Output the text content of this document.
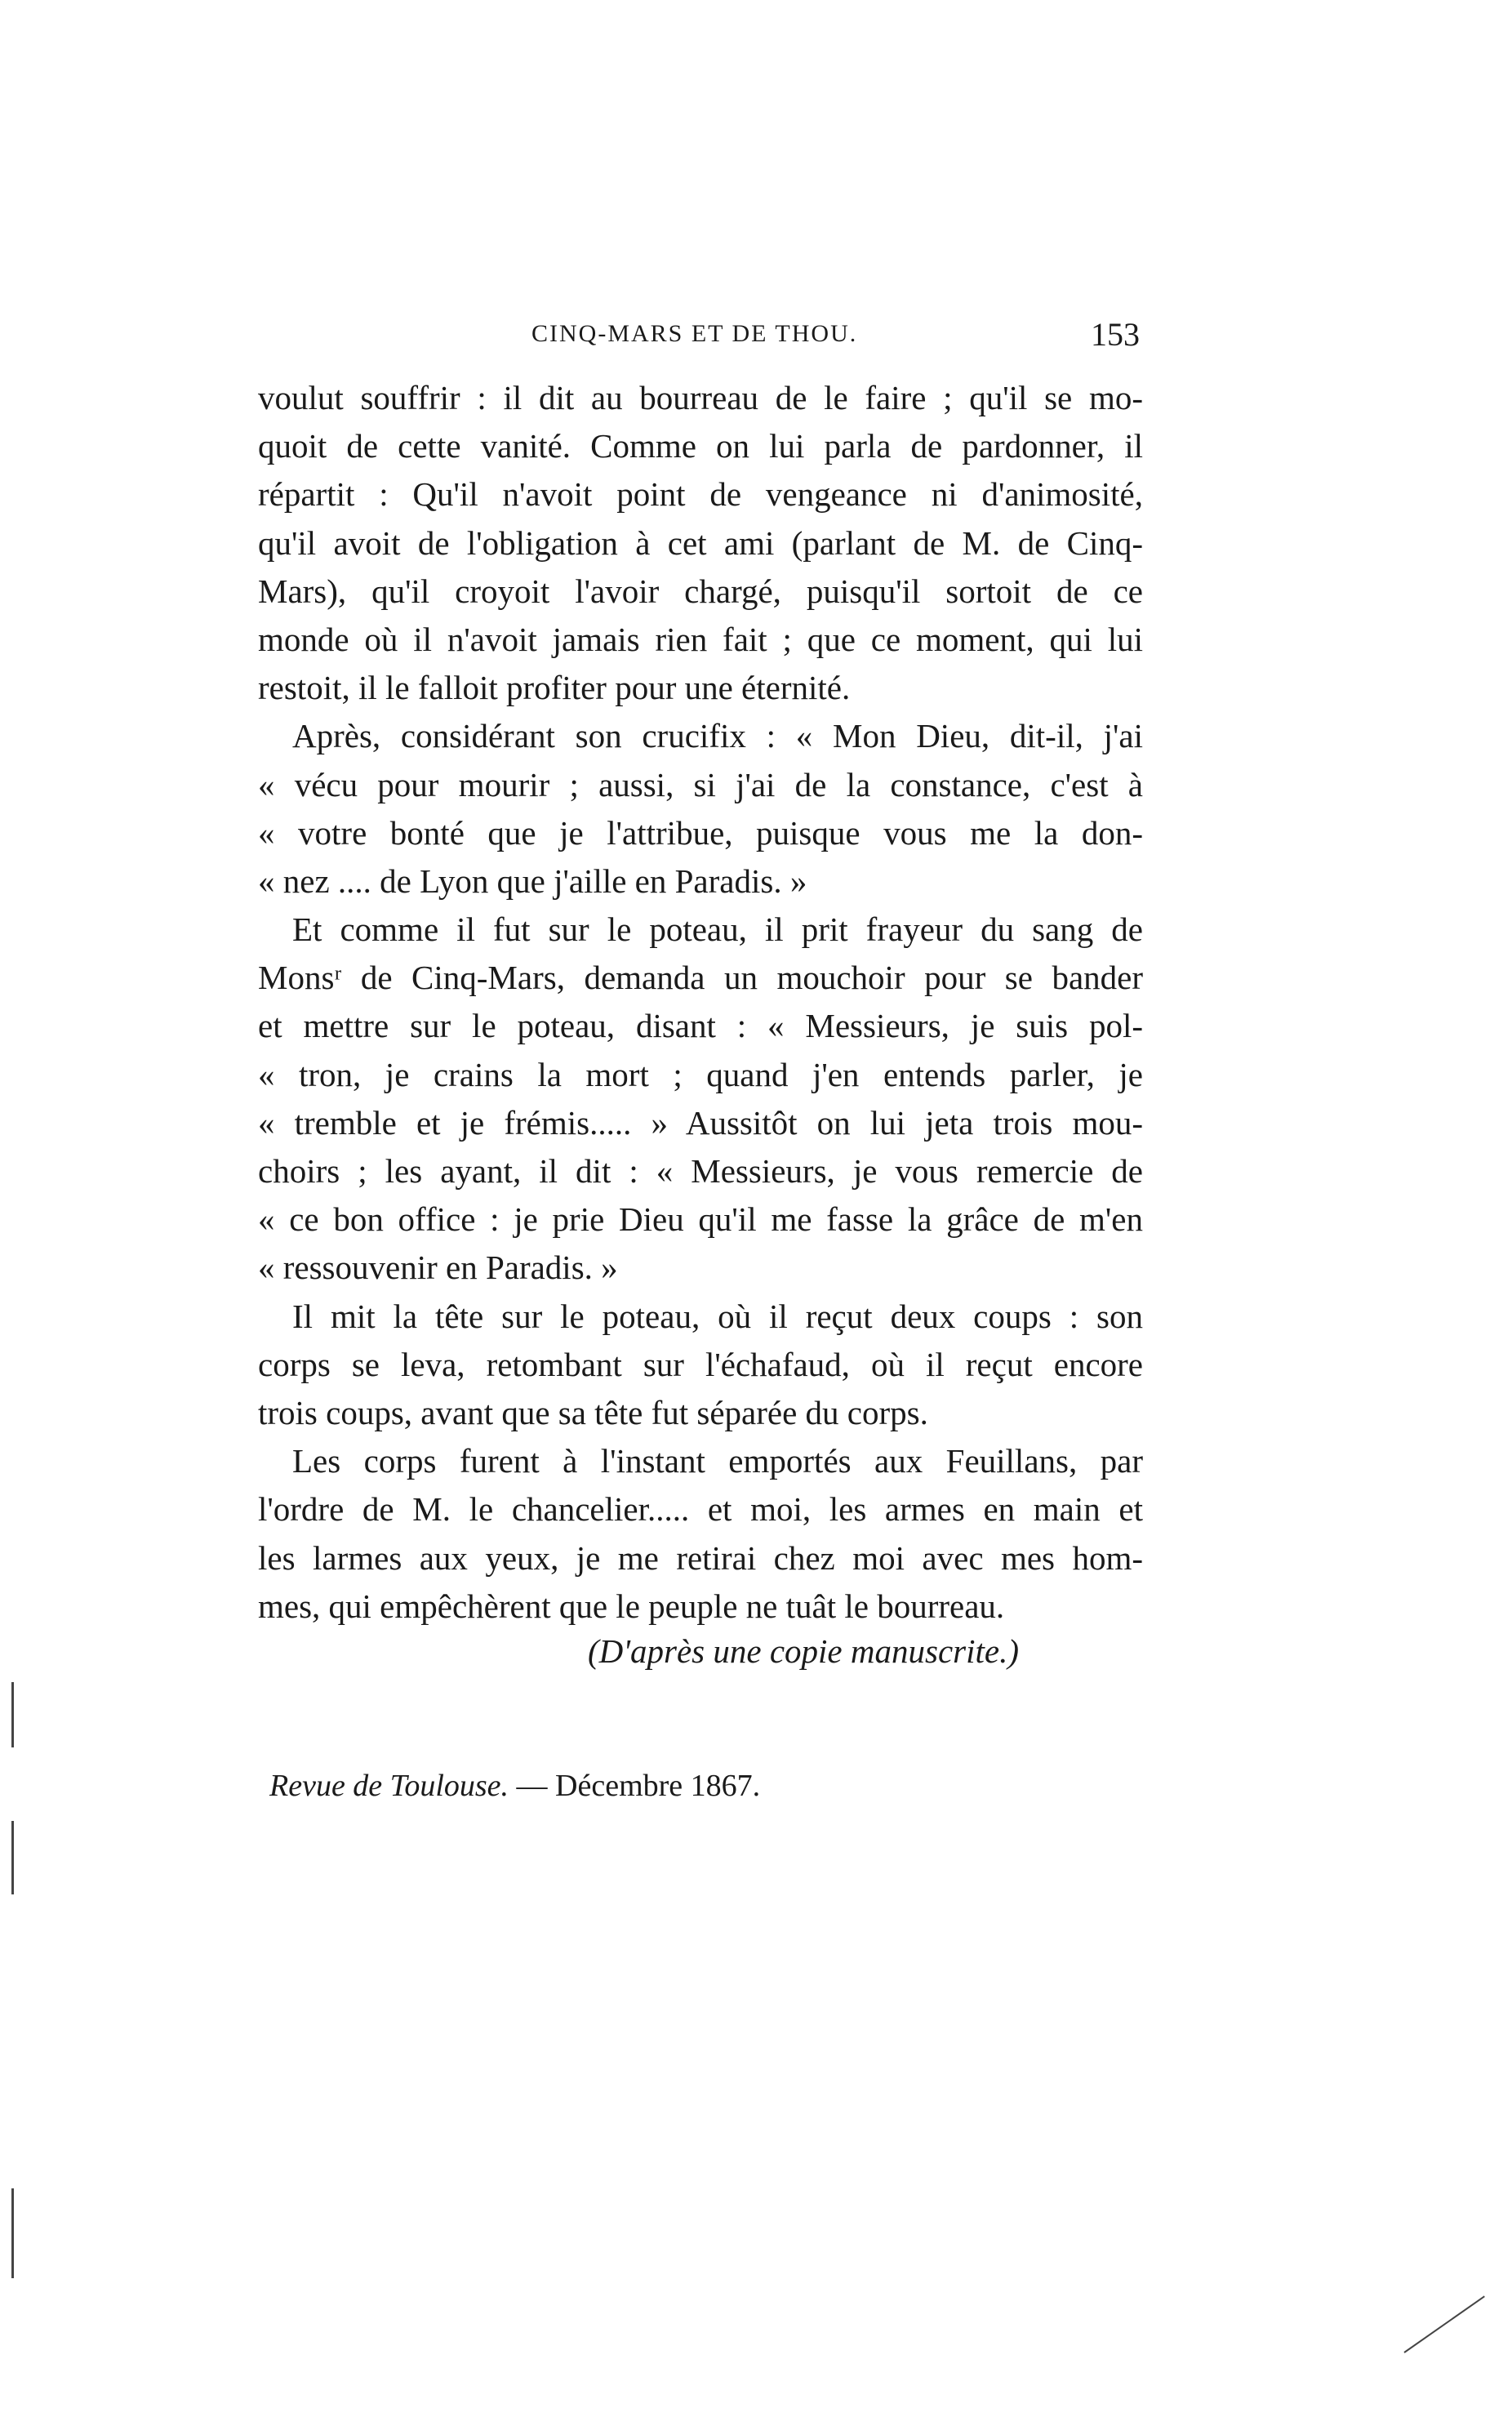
CINQ-MARS ET DE THOU.	153
voulut souffrir : il dit au bourreau de le faire ; qu'il se mo-
quoit de cette vanité. Comme on lui parla de pardonner, il
répartit : Qu'il n'avoit point de vengeance ni d'animosité,
qu'il avoit de l'obligation à cet ami (parlant de M. de Cinq-
Mars), qu'il croyoit l'avoir chargé, puisqu'il sortoit de ce
monde où il n'avoit jamais rien fait ; que ce moment, qui lui
restoit, il le falloit profiter pour une éternité.
Après, considérant son crucifix : « Mon Dieu, dit-il, j'ai
« vécu pour mourir ; aussi, si j'ai de la constance, c'est à
« votre bonté que je l'attribue, puisque vous me la don-
« nez .... de Lyon que j'aille en Paradis. »
Et comme il fut sur le poteau, il prit frayeur du sang de
Monsʳ de Cinq-Mars, demanda un mouchoir pour se bander
et mettre sur le poteau, disant : « Messieurs, je suis pol-
« tron, je crains la mort ; quand j'en entends parler, je
« tremble et je frémis..... » Aussitôt on lui jeta trois mou-
choirs ; les ayant, il dit : « Messieurs, je vous remercie de
« ce bon office : je prie Dieu qu'il me fasse la grâce de m'en
« ressouvenir en Paradis. »
Il mit la tête sur le poteau, où il reçut deux coups : son
corps se leva, retombant sur l'échafaud, où il reçut encore
trois coups, avant que sa tête fut séparée du corps.
Les corps furent à l'instant emportés aux Feuillans, par
l'ordre de M. le chancelier..... et moi, les armes en main et
les larmes aux yeux, je me retirai chez moi avec mes hom-
mes, qui empêchèrent que le peuple ne tuât le bourreau.
(D'après une copie manuscrite.)
Revue de Toulouse. — Décembre 1867.
